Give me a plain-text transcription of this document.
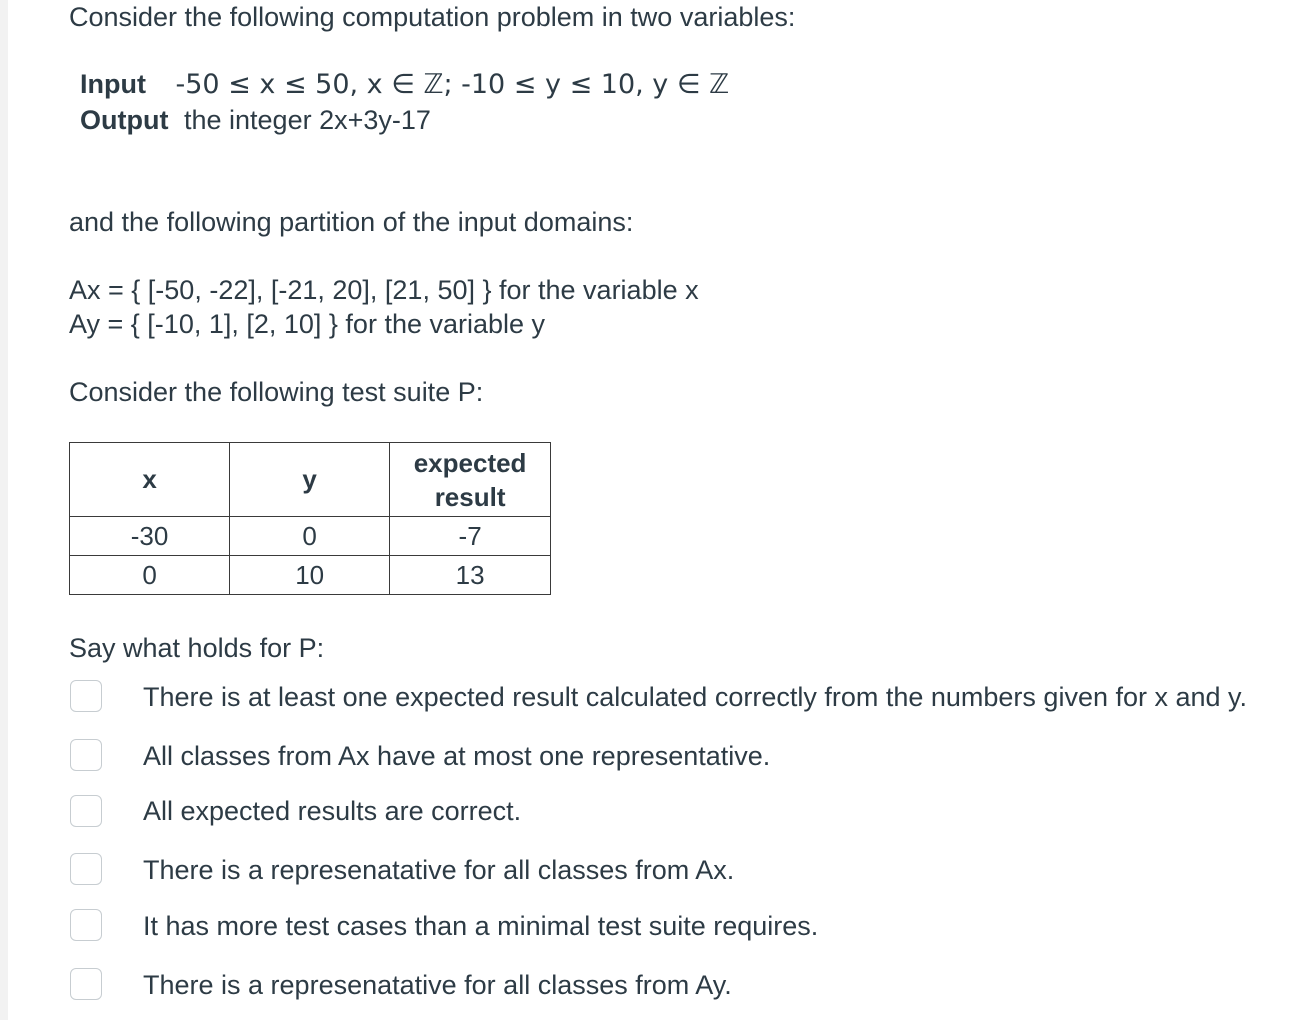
Consider the following computation problem in two variables:
Input -50 ≤ x ≤ 50, x ∈ ℤ; -10 ≤ y ≤ 10, y ∈ ℤ
Output the integer 2x+3y-17
and the following partition of the input domains:
Ax = { [-50, -22], [-21, 20], [21, 50] } for the variable x
Ay = { [-10, 1], [2, 10] } for the variable y
Consider the following test suite P:
x	y	expected result

-30	0	-7
0	10	13
Say what holds for P:
There is at least one expected result calculated correctly from the numbers given for x and y.
All classes from Ax have at most one representative.
All expected results are correct.
There is a represenatative for all classes from Ax.
It has more test cases than a minimal test suite requires.
There is a represenatative for all classes from Ay.
